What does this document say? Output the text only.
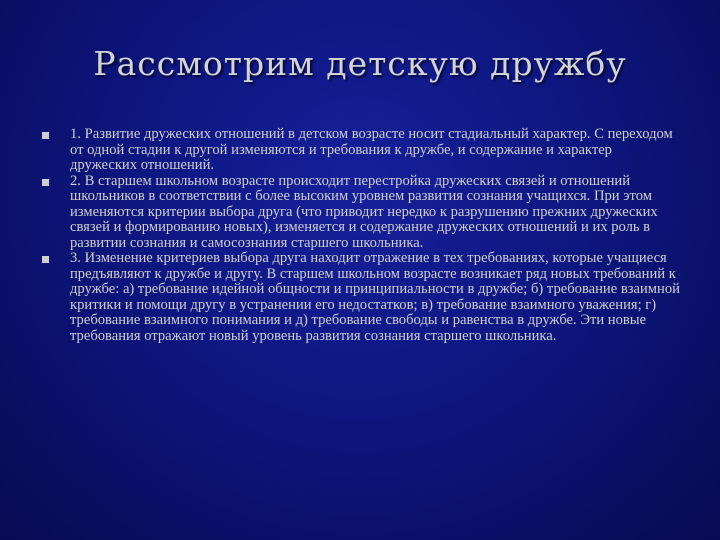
Рассмотрим детскую дружбу
1. Развитие дружеских отношений в детском возрасте носит стадиальный характер. С переходом от одной стадии к другой изменяются и требования к дружбе, и содержание и характер дружеских отношений.
2. В старшем школьном возрасте происходит перестройка дружеских связей и отношений школьников в соответствии с более высоким уровнем развития сознания учащихся. При этом изменяются критерии выбора друга (что приводит нередко к разрушению прежних дружеских связей и формированию новых), изменяется и содержание дружеских отношений и их роль в развитии сознания и самосознания старшего школьника.
3. Изменение критериев выбора друга находит отражение в тех требованиях, которые учащиеся предъявляют к дружбе и другу. В старшем школьном возрасте возникает ряд новых требований к дружбе: а) требование идейной общности и принципиальности в дружбе; б) требование взаимной критики и помощи другу в устранении его недостатков; в) требование взаимного уважения; г) требование взаимного понимания и д) требование свободы и равенства в дружбе. Эти новые требования отражают новый уровень развития сознания старшего школьника.
